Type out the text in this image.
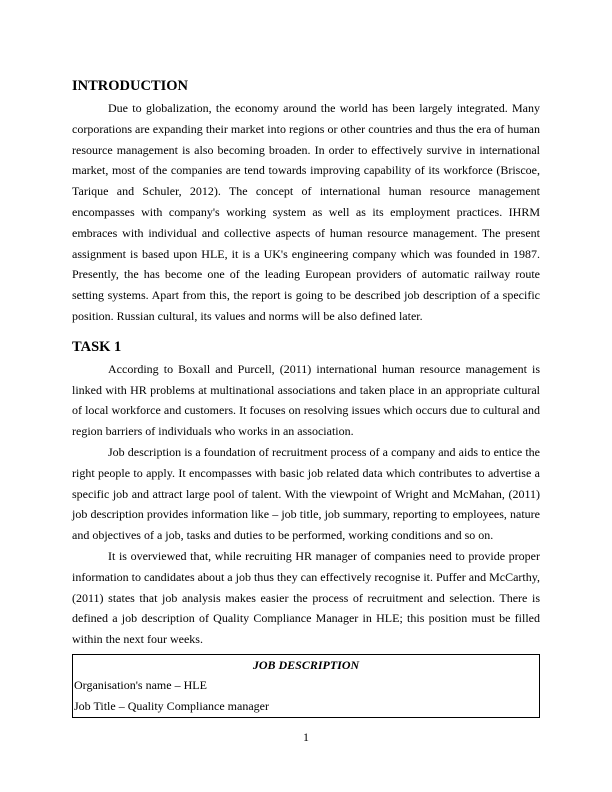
INTRODUCTION

Due to globalization, the economy around the world has been largely integrated. Many corporations are expanding their market into regions or other countries and thus the era of human resource management is also becoming broaden. In order to effectively survive in international market, most of the companies are tend towards improving capability of its workforce (Briscoe, Tarique and Schuler, 2012). The concept of international human resource management encompasses with company's working system as well as its employment practices. IHRM embraces with individual and collective aspects of human resource management. The present assignment is based upon HLE, it is a UK's engineering company which was founded in 1987. Presently, the has become one of the leading European providers of automatic railway route setting systems. Apart from this, the report is going to be described job description of a specific position. Russian cultural, its values and norms will be also defined later.

TASK 1

According to Boxall and Purcell, (2011) international human resource management is linked with HR problems at multinational associations and taken place in an appropriate cultural of local workforce and customers. It focuses on resolving issues which occurs due to cultural and region barriers of individuals who works in an association.

Job description is a foundation of recruitment process of a company and aids to entice the right people to apply. It encompasses with basic job related data which contributes to advertise a specific job and attract large pool of talent. With the viewpoint of Wright and McMahan, (2011) job description provides information like – job title, job summary, reporting to employees, nature and objectives of a job, tasks and duties to be performed, working conditions and so on.

It is overviewed that, while recruiting HR manager of companies need to provide proper information to candidates about a job thus they can effectively recognise it. Puffer and McCarthy, (2011) states that job analysis makes easier the process of recruitment and selection. There is defined a job description of Quality Compliance Manager in HLE; this position must be filled within the next four weeks.

JOB DESCRIPTION
Organisation's name – HLE
Job Title – Quality Compliance manager
1
